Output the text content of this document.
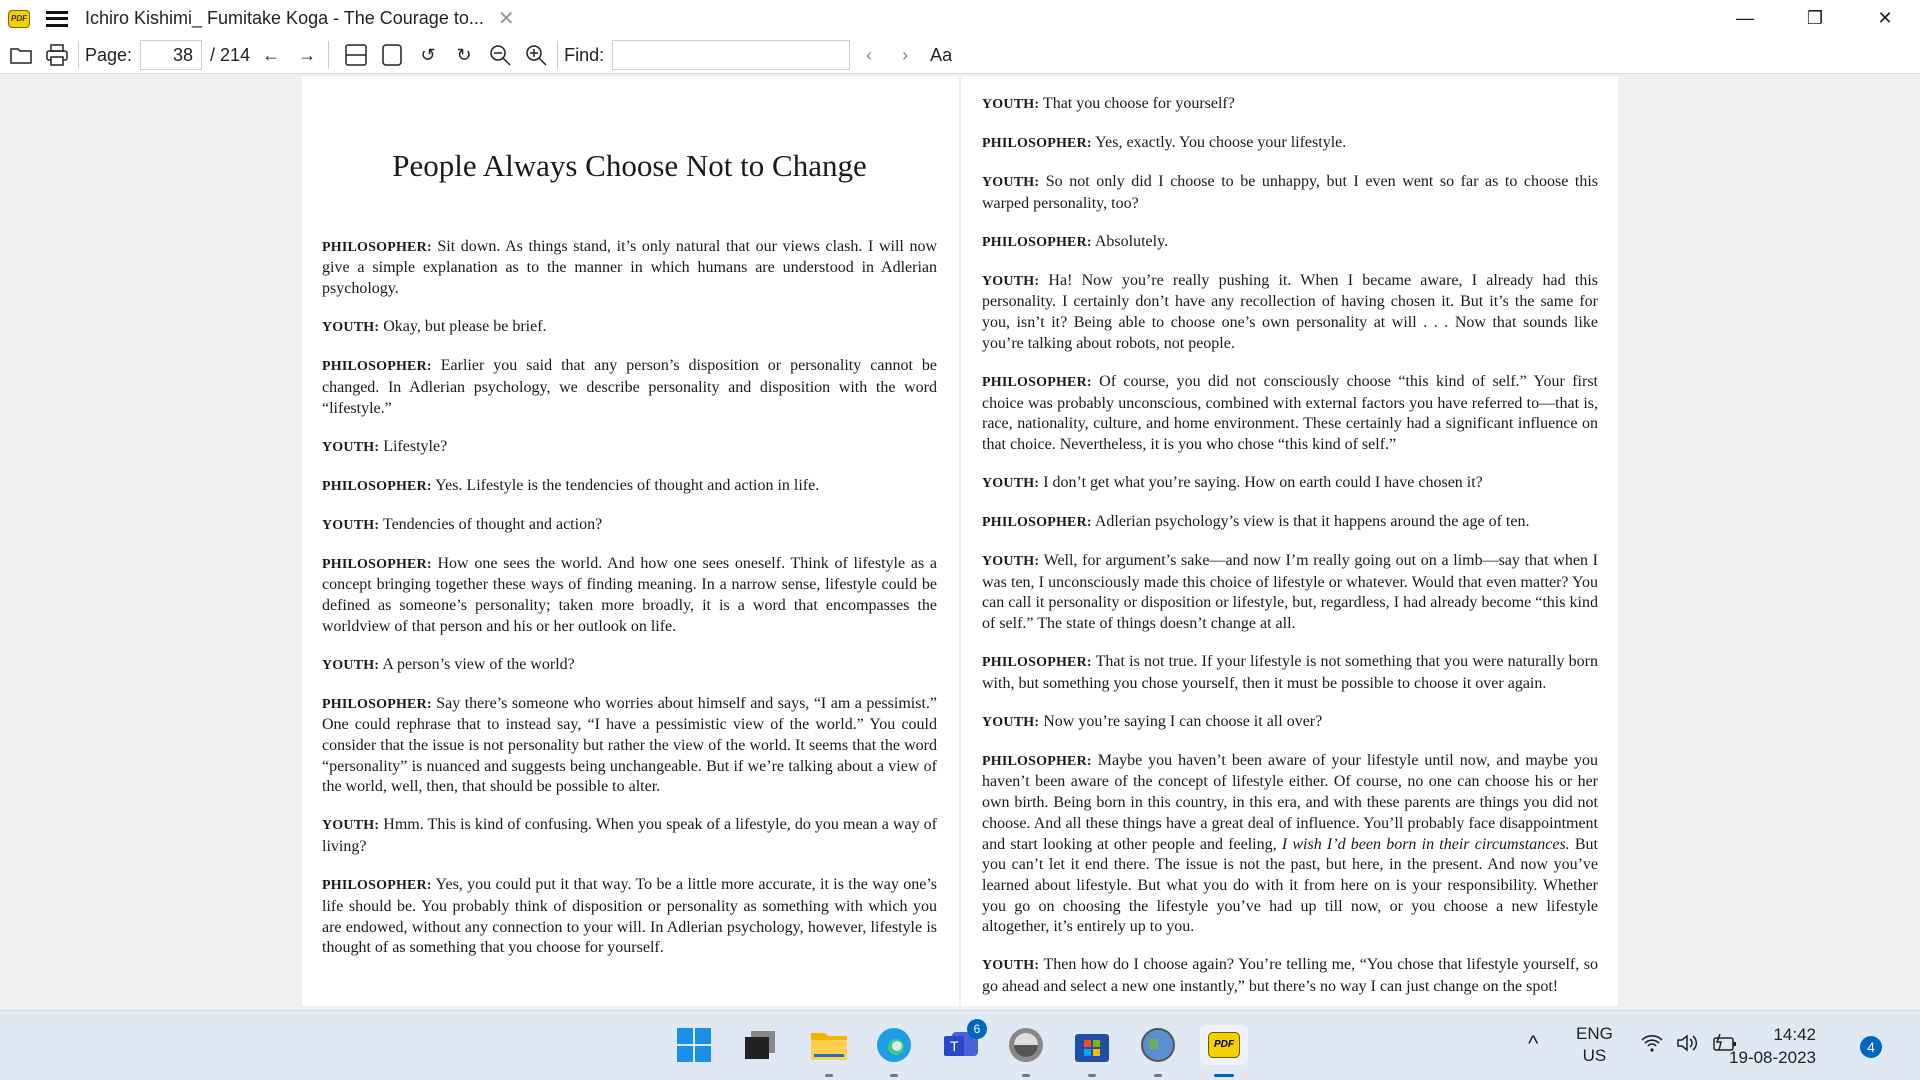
PDF	Ichiro Kishimi_ Fumitake Koga - The Courage to... ✕	—	❐	✕
Page:	38 / 214 ←	→	↺	↻	Find:	‹	›	Aa
People Always Choose Not to Change

PHILOSOPHER: Sit down. As things stand, it’s only natural that our views clash. I will now give a simple explanation as to the manner in which humans are understood in Adlerian psychology.

YOUTH: Okay, but please be brief.

PHILOSOPHER: Earlier you said that any person’s disposition or personality cannot be changed. In Adlerian psychology, we describe personality and disposition with the word “lifestyle.”

YOUTH: Lifestyle?

PHILOSOPHER: Yes. Lifestyle is the tendencies of thought and action in life.

YOUTH: Tendencies of thought and action?

PHILOSOPHER: How one sees the world. And how one sees oneself. Think of lifestyle as a concept bringing together these ways of finding meaning. In a narrow sense, lifestyle could be defined as someone’s personality; taken more broadly, it is a word that encompasses the worldview of that person and his or her outlook on life.

YOUTH: A person’s view of the world?

PHILOSOPHER: Say there’s someone who worries about himself and says, “I am a pessimist.” One could rephrase that to instead say, “I have a pessimistic view of the world.” You could consider that the issue is not personality but rather the view of the world. It seems that the word “personality” is nuanced and suggests being unchangeable. But if we’re talking about a view of the world, well, then, that should be possible to alter.

YOUTH: Hmm. This is kind of confusing. When you speak of a lifestyle, do you mean a way of living?

PHILOSOPHER: Yes, you could put it that way. To be a little more accurate, it is the way one’s life should be. You probably think of disposition or personality as something with which you are endowed, without any connection to your will. In Adlerian psychology, however, lifestyle is thought of as something that you choose for yourself.

YOUTH: That you choose for yourself?

PHILOSOPHER: Yes, exactly. You choose your lifestyle.

YOUTH: So not only did I choose to be unhappy, but I even went so far as to choose this warped personality, too?

PHILOSOPHER: Absolutely.

YOUTH: Ha! Now you’re really pushing it. When I became aware, I already had this personality. I certainly don’t have any recollection of having chosen it. But it’s the same for you, isn’t it? Being able to choose one’s own personality at will . . . Now that sounds like you’re talking about robots, not people.

PHILOSOPHER: Of course, you did not consciously choose “this kind of self.” Your first choice was probably unconscious, combined with external factors you have referred to—that is, race, nationality, culture, and home environment. These certainly had a significant influence on that choice. Nevertheless, it is you who chose “this kind of self.”

YOUTH: I don’t get what you’re saying. How on earth could I have chosen it?

PHILOSOPHER: Adlerian psychology’s view is that it happens around the age of ten.

YOUTH: Well, for argument’s sake—and now I’m really going out on a limb—say that when I was ten, I unconsciously made this choice of lifestyle or whatever. Would that even matter? You can call it personality or disposition or lifestyle, but, regardless, I had already become “this kind of self.” The state of things doesn’t change at all.

PHILOSOPHER: That is not true. If your lifestyle is not something that you were naturally born with, but something you chose yourself, then it must be possible to choose it over again.

YOUTH: Now you’re saying I can choose it all over?

PHILOSOPHER: Maybe you haven’t been aware of your lifestyle until now, and maybe you haven’t been aware of the concept of lifestyle either. Of course, no one can choose his or her own birth. Being born in this country, in this era, and with these parents are things you did not choose. And all these things have a great deal of influence. You’ll probably face disappointment and start looking at other people and feeling, I wish I’d been born in their circumstances. But you can’t let it end there. The issue is not the past, but here, in the present. And now you’ve learned about lifestyle. But what you do with it from here on is your responsibility. Whether you go on choosing the lifestyle you’ve had up till now, or you choose a new lifestyle altogether, it’s entirely up to you.

YOUTH: Then how do I choose again? You’re telling me, “You chose that lifestyle yourself, so go ahead and select a new one instantly,” but there’s no way I can just change on the spot!

T
6
PDF	^ ENG
US
14:42
19-08-2023
4
